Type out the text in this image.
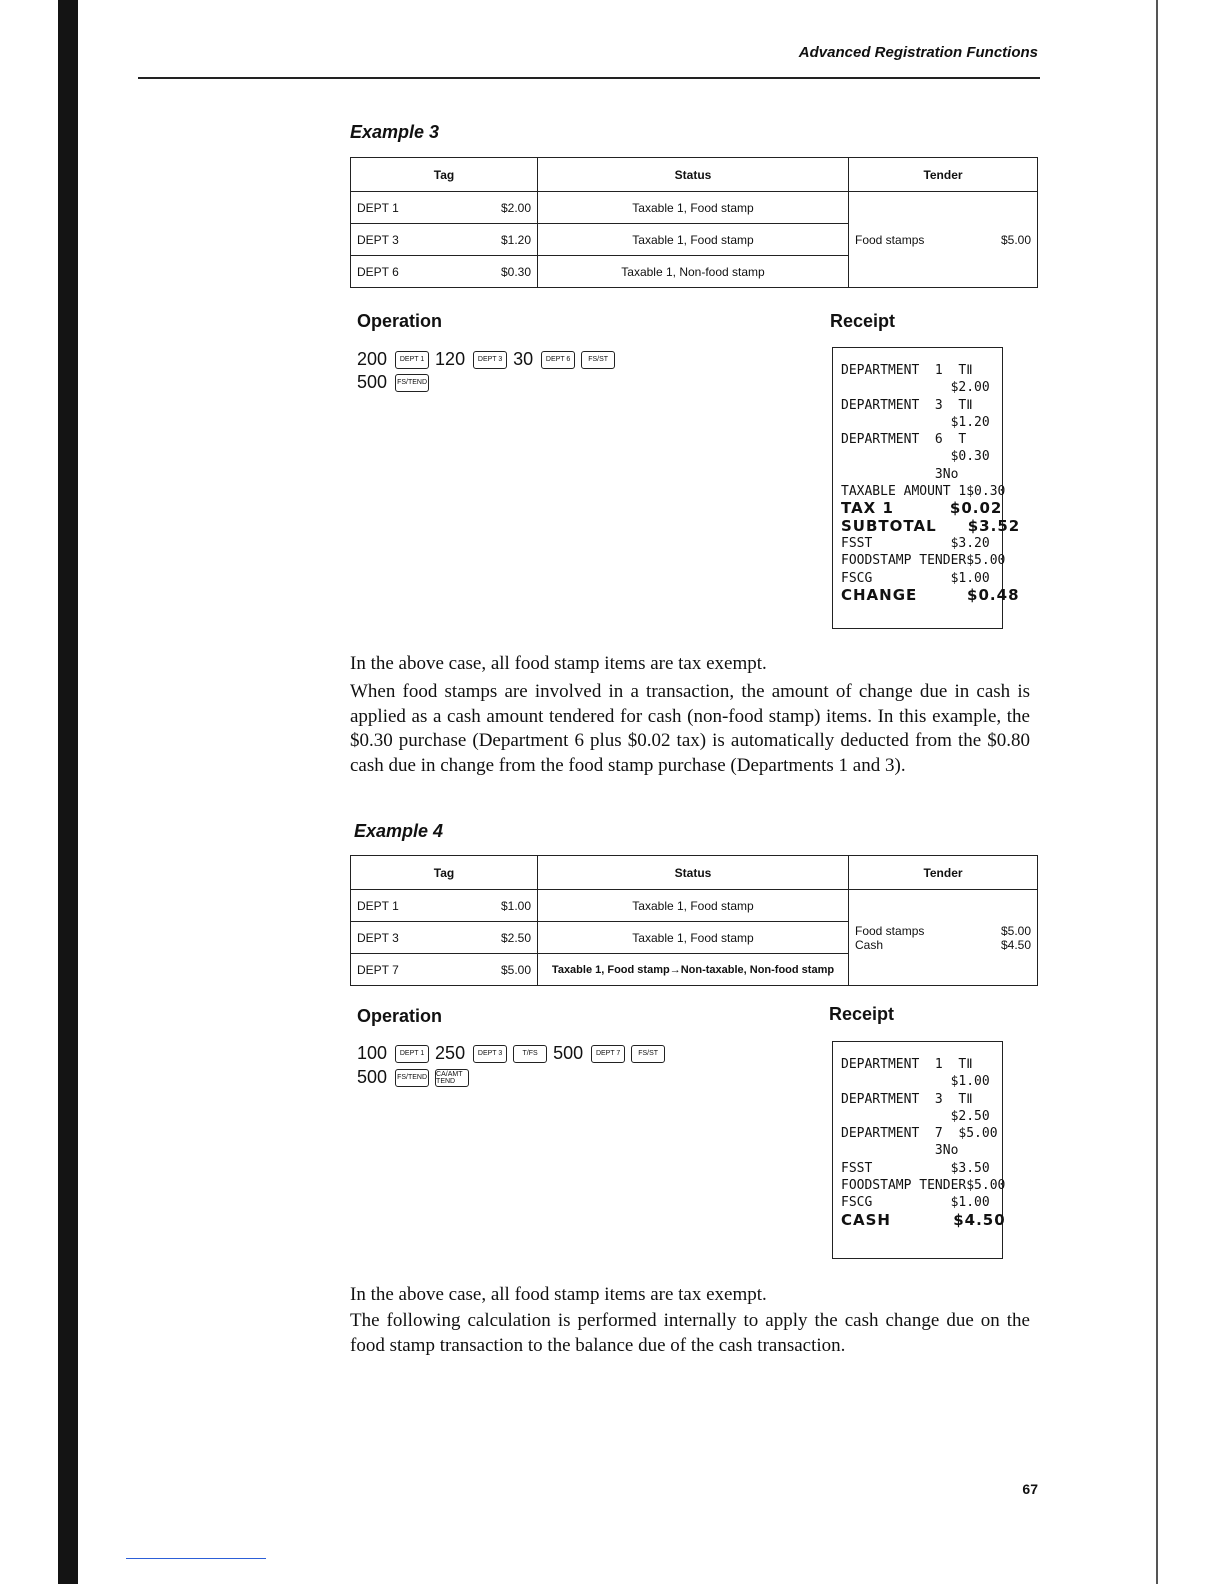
Advanced Registration Functions
Example 3
Tag		Status	Tender
DEPT 1	$2.00	Taxable 1, Food stamp	Food stamps $5.00

DEPT 3	$1.20	Taxable 1, Food stamp	
DEPT 6	$0.30	Taxable 1, Non-food stamp	
Operation	Receipt
200	DEPT 1 120	DEPT 3 30	DEPT 6	FS/ST
500 FS/TEND
DEPARTMENT  1  TⅡ
$2.00
DEPARTMENT  3  TⅡ
$1.20
DEPARTMENT  6  T
$0.30
3No
TAXABLE AMOUNT 1$0.30
TAX 1         $0.02
SUBTOTAL     $3.52
FSST          $3.20
FOODSTAMP TENDER$5.00
FSCG          $1.00
CHANGE        $0.48
In the above case, all food stamp items are tax exempt.
When food stamps are involved in a transaction, the amount of change due in cash is applied as a cash amount tendered for cash (non-food stamp) items. In this example, the $0.30 purchase (Department 6 plus $0.02 tax) is automatically deducted from the $0.80 cash due in change from the food stamp purchase (Departments 1 and 3).
Example 4
Tag		Status	Tender
DEPT 1	$1.00	Taxable 1, Food stamp	Food stamps $5.00
Cash $4.50

DEPT 3	$2.50	Taxable 1, Food stamp	
DEPT 7	$5.00	Taxable 1, Food stamp→Non-taxable, Non-food stamp	
Operation	Receipt
100	DEPT 1 250	DEPT 3	T/FS 500	DEPT 7	FS/ST
500 FS/TEND CA/AMT TEND
DEPARTMENT  1  TⅡ
$1.00
DEPARTMENT  3  TⅡ
$2.50
DEPARTMENT  7  $5.00
3No
FSST          $3.50
FOODSTAMP TENDER$5.00
FSCG          $1.00
CASH          $4.50
In the above case, all food stamp items are tax exempt.
The following calculation is performed internally to apply the cash change due on the food stamp transaction to the balance due of the cash transaction.
67
